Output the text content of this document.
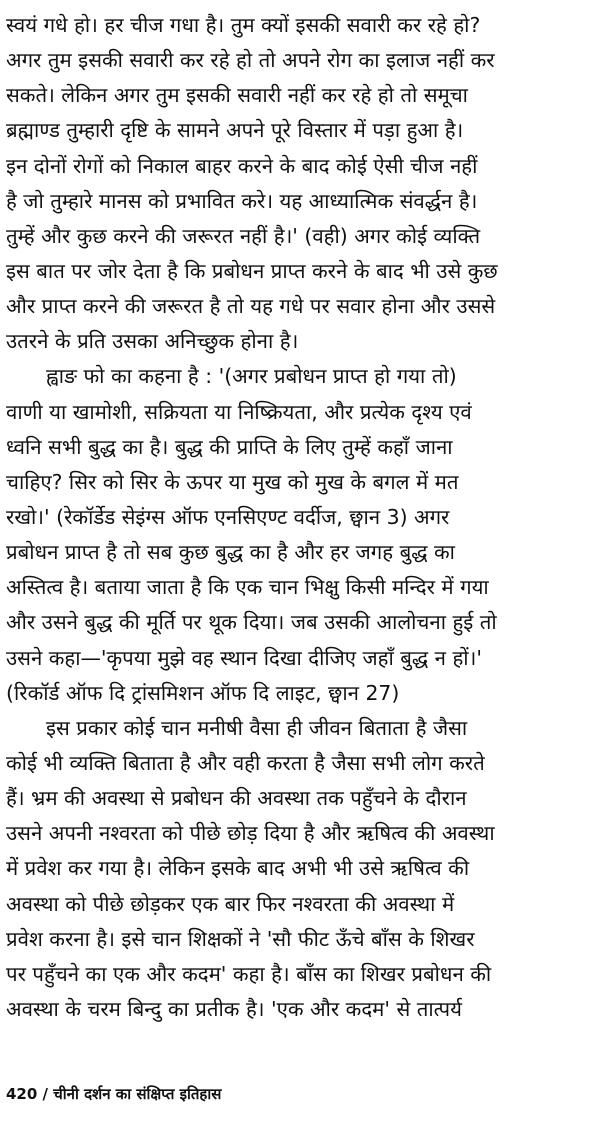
स्वयं गधे हो। हर चीज गधा है। तुम क्यों इसकी सवारी कर रहे हो?
अगर तुम इसकी सवारी कर रहे हो तो अपने रोग का इलाज नहीं कर
सकते। लेकिन अगर तुम इसकी सवारी नहीं कर रहे हो तो समूचा
ब्रह्माण्ड तुम्हारी दृष्टि के सामने अपने पूरे विस्तार में पड़ा हुआ है।
इन दोनों रोगों को निकाल बाहर करने के बाद कोई ऐसी चीज नहीं
है जो तुम्हारे मानस को प्रभावित करे। यह आध्यात्मिक संवर्द्धन है।
तुम्हें और कुछ करने की जरूरत नहीं है।' (वही) अगर कोई व्यक्ति
इस बात पर जोर देता है कि प्रबोधन प्राप्त करने के बाद भी उसे कुछ
और प्राप्त करने की जरूरत है तो यह गधे पर सवार होना और उससे
उतरने के प्रति उसका अनिच्छुक होना है।
ह्वाङ फो का कहना है : '(अगर प्रबोधन प्राप्त हो गया तो)
वाणी या खामोशी, सक्रियता या निष्क्रियता, और प्रत्येक दृश्य एवं
ध्वनि सभी बुद्ध का है। बुद्ध की प्राप्ति के लिए तुम्हें कहाँ जाना
चाहिए? सिर को सिर के ऊपर या मुख को मुख के बगल में मत
रखो।' (रेकॉर्डेड सेइंग्स ऑफ एनसिएण्ट वर्दीज, छ्वान 3) अगर
प्रबोधन प्राप्त है तो सब कुछ बुद्ध का है और हर जगह बुद्ध का
अस्तित्व है। बताया जाता है कि एक चान भिक्षु किसी मन्दिर में गया
और उसने बुद्ध की मूर्ति पर थूक दिया। जब उसकी आलोचना हुई तो
उसने कहा—'कृपया मुझे वह स्थान दिखा दीजिए जहाँ बुद्ध न हों।'
(रिकॉर्ड ऑफ दि ट्रांसमिशन ऑफ दि लाइट, छ्वान 27)
इस प्रकार कोई चान मनीषी वैसा ही जीवन बिताता है जैसा
कोई भी व्यक्ति बिताता है और वही करता है जैसा सभी लोग करते
हैं। भ्रम की अवस्था से प्रबोधन की अवस्था तक पहुँचने के दौरान
उसने अपनी नश्वरता को पीछे छोड़ दिया है और ऋषित्व की अवस्था
में प्रवेश कर गया है। लेकिन इसके बाद अभी भी उसे ऋषित्व की
अवस्था को पीछे छोड़कर एक बार फिर नश्वरता की अवस्था में
प्रवेश करना है। इसे चान शिक्षकों ने 'सौ फीट ऊँचे बाँस के शिखर
पर पहुँचने का एक और कदम' कहा है। बाँस का शिखर प्रबोधन की
अवस्था के चरम बिन्दु का प्रतीक है। 'एक और कदम' से तात्पर्य
420 / चीनी दर्शन का संक्षिप्त इतिहास
